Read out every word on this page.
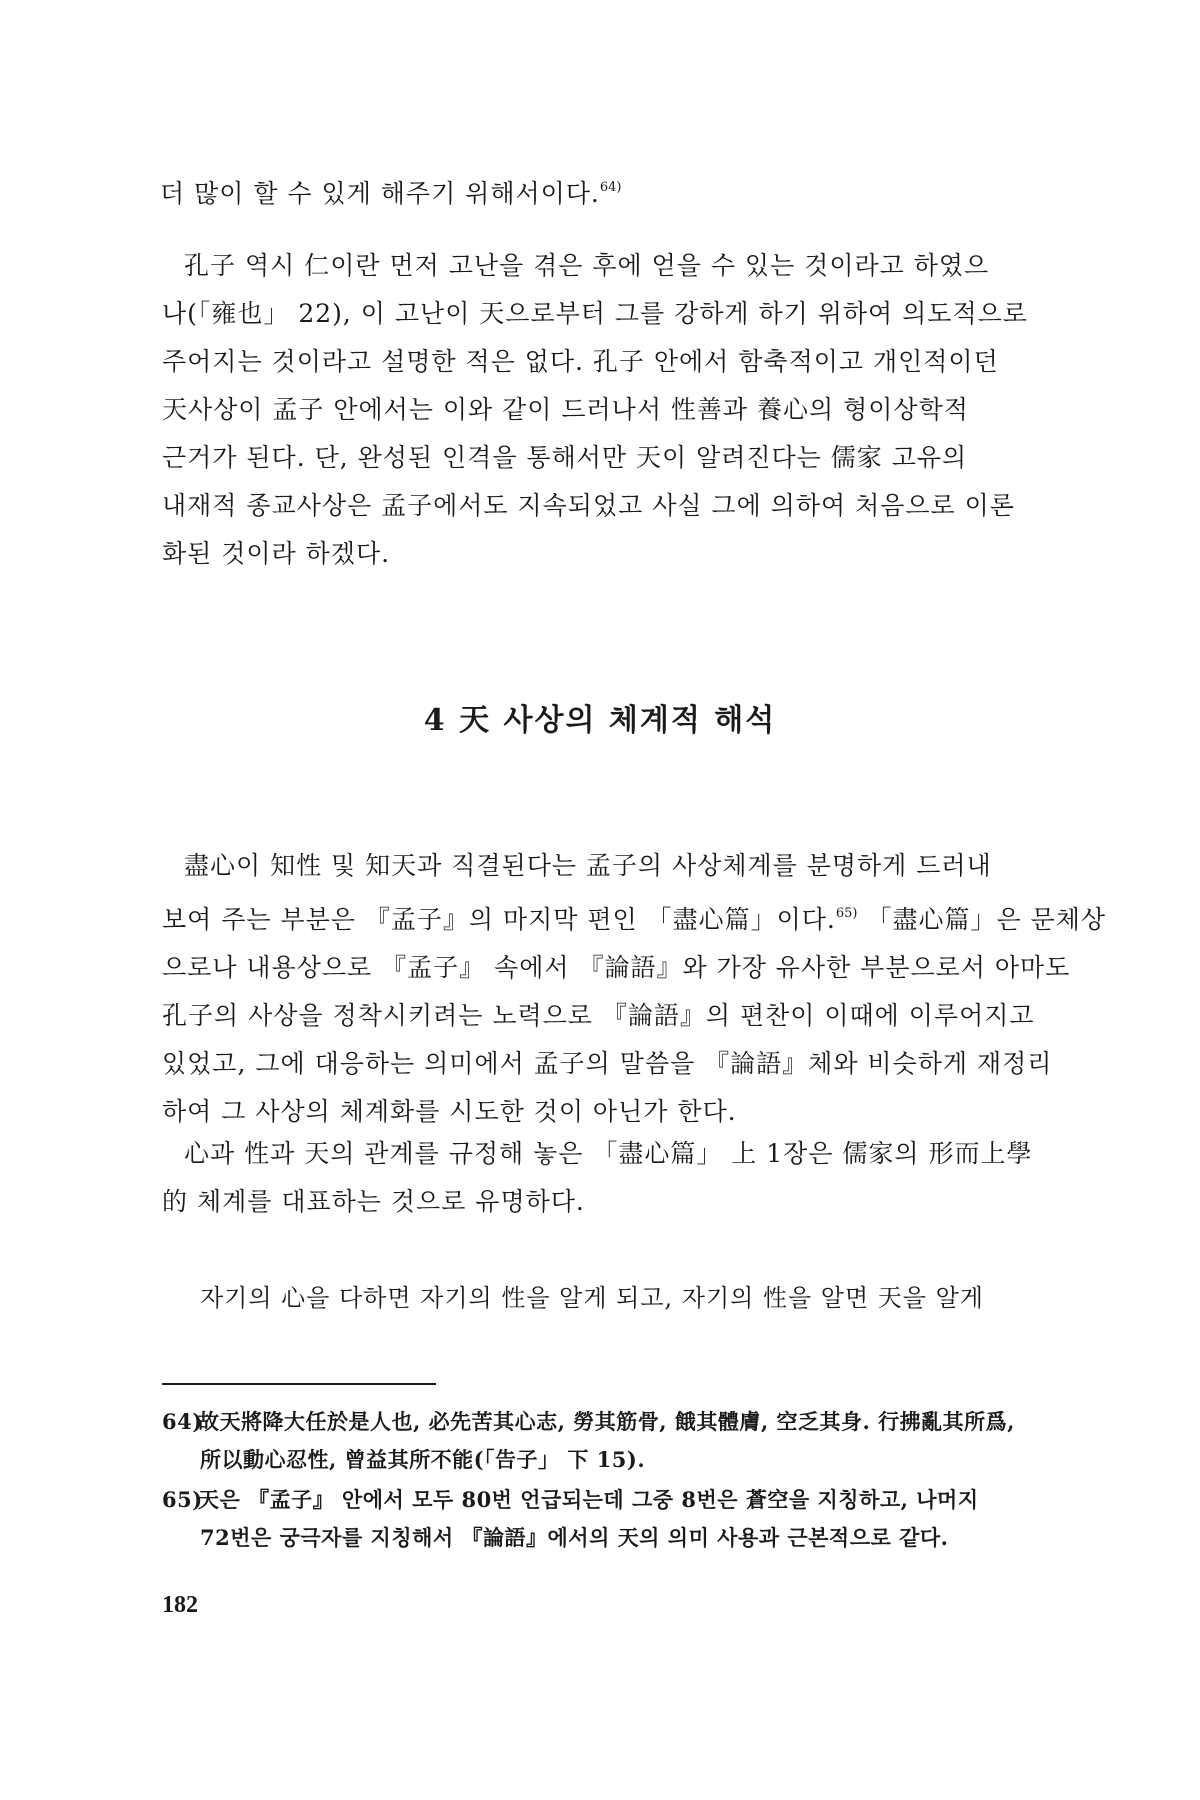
더 많이 할 수 있게 해주기 위해서이다.$^{64)}$

孔子 역시 仁이란 먼저 고난을 겪은 후에 얻을 수 있는 것이라고 하였으
나(「雍也」 22), 이 고난이 天으로부터 그를 강하게 하기 위하여 의도적으로
주어지는 것이라고 설명한 적은 없다. 孔子 안에서 함축적이고 개인적이던
天사상이 孟子 안에서는 이와 같이 드러나서 性善과 養心의 형이상학적
근거가 된다. 단, 완성된 인격을 통해서만 天이 알려진다는 儒家 고유의
내재적 종교사상은 孟子에서도 지속되었고 사실 그에 의하여 처음으로 이론
화된 것이라 하겠다.

4 天 사상의 체계적 해석

盡心이 知性 및 知天과 직결된다는 孟子의 사상체계를 분명하게 드러내
보여 주는 부분은 『孟子』의 마지막 편인 「盡心篇」이다.$^{65)}$ 「盡心篇」은 문체상
으로나 내용상으로 『孟子』 속에서 『論語』와 가장 유사한 부분으로서 아마도
孔子의 사상을 정착시키려는 노력으로 『論語』의 편찬이 이때에 이루어지고
있었고, 그에 대응하는 의미에서 孟子의 말씀을 『論語』체와 비슷하게 재정리
하여 그 사상의 체계화를 시도한 것이 아닌가 한다.

心과 性과 天의 관계를 규정해 놓은 「盡心篇」 上 1장은 儒家의 形而上學
的 체계를 대표하는 것으로 유명하다.

자기의 心을 다하면 자기의 性을 알게 되고, 자기의 性을 알면 天을 알게

64)故天將降大任於是人也, 必先苦其心志, 勞其筋骨, 餓其體膚, 空乏其身. 行拂亂其所爲,
所以動心忍性, 曾益其所不能(「告子」 下 15).
65)天은 『孟子』 안에서 모두 80번 언급되는데 그중 8번은 蒼空을 지칭하고, 나머지
72번은 궁극자를 지칭해서 『論語』에서의 天의 의미 사용과 근본적으로 같다.
182
